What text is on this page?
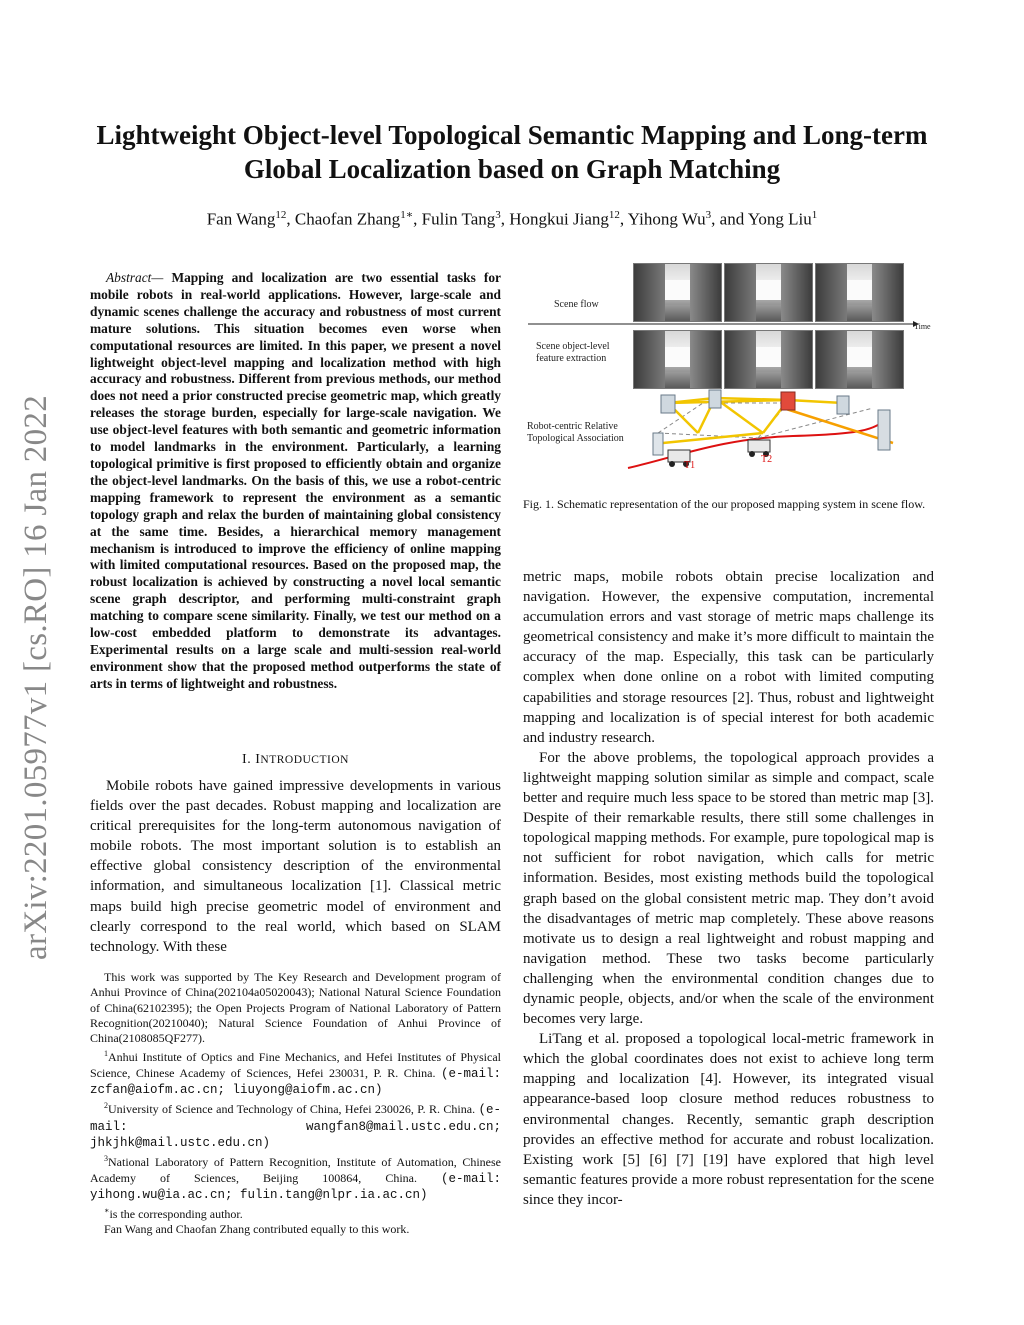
Lightweight Object-level Topological Semantic Mapping and Long-term Global Localization based on Graph Matching
Fan Wang$^{12}$, Chaofan Zhang$^{1∗}$, Fulin Tang$^3$, Hongkui Jiang$^{12}$, Yihong Wu$^3$, and Yong Liu$^1$
arXiv:2201.05977v1 [cs.RO] 16 Jan 2022
Abstract— Mapping and localization are two essential tasks for mobile robots in real-world applications. However, large-scale and dynamic scenes challenge the accuracy and robustness of most current mature solutions. This situation becomes even worse when computational resources are limited. In this paper, we present a novel lightweight object-level mapping and localization method with high accuracy and robustness. Different from previous methods, our method does not need a prior constructed precise geometric map, which greatly releases the storage burden, especially for large-scale navigation. We use object-level features with both semantic and geometric information to model landmarks in the environment. Particularly, a learning topological primitive is first proposed to efficiently obtain and organize the object-level landmarks. On the basis of this, we use a robot-centric mapping framework to represent the environment as a semantic topology graph and relax the burden of maintaining global consistency at the same time. Besides, a hierarchical memory management mechanism is introduced to improve the efficiency of online mapping with limited computational resources. Based on the proposed map, the robust localization is achieved by constructing a novel local semantic scene graph descriptor, and performing multi-constraint graph matching to compare scene similarity. Finally, we test our method on a low-cost embedded platform to demonstrate its advantages. Experimental results on a large scale and multi-session real-world environment show that the proposed method outperforms the state of arts in terms of lightweight and robustness.
I. INTRODUCTION
Mobile robots have gained impressive developments in various fields over the past decades. Robust mapping and localization are critical prerequisites for the long-term autonomous navigation of mobile robots. The most important solution is to establish an effective global consistency description of the environmental information, and simultaneous localization [1]. Classical metric maps build high precise geometric model of environment and clearly correspond to the real world, which based on SLAM technology. With these

This work was supported by The Key Research and Development program of Anhui Province of China(202104a05020043); National Natural Science Foundation of China(62102395); the Open Projects Program of National Laboratory of Pattern Recognition(20210040); Natural Science Foundation of Anhui Province of China(2108085QF277).

$^1$Anhui Institute of Optics and Fine Mechanics, and Hefei Institutes of Physical Science, Chinese Academy of Sciences, Hefei 230031, P. R. China. (e-mail: zcfan@aiofm.ac.cn; liuyong@aiofm.ac.cn)

$^2$University of Science and Technology of China, Hefei 230026, P. R. China. (e-mail: wangfan8@mail.ustc.edu.cn; jhkjhk@mail.ustc.edu.cn)

$^3$National Laboratory of Pattern Recognition, Institute of Automation, Chinese Academy of Sciences, Beijing 100864, China. (e-mail: yihong.wu@ia.ac.cn; fulin.tang@nlpr.ia.ac.cn)

∗is the corresponding author.

Fan Wang and Chaofan Zhang contributed equally to this work.

Scene flow
Time
Scene object-level
feature extraction
Robot-centric Relative
Topological Association
T1
T2
Fig. 1. Schematic representation of the our proposed mapping system in scene flow.

metric maps, mobile robots obtain precise localization and navigation. However, the expensive computation, incremental accumulation errors and vast storage of metric maps challenge its geometrical consistency and make it’s more difficult to maintain the accuracy of the map. Especially, this task can be particularly complex when done online on a robot with limited computing capabilities and storage resources [2]. Thus, robust and lightweight mapping and localization is of special interest for both academic and industry research.

For the above problems, the topological approach provides a lightweight mapping solution similar as simple and compact, scale better and require much less space to be stored than metric map [3]. Despite of their remarkable results, there still some challenges in topological mapping methods. For example, pure topological map is not sufficient for robot navigation, which calls for metric information. Besides, most existing methods build the topological graph based on the global consistent metric map. They don’t avoid the disadvantages of metric map completely. These above reasons motivate us to design a real lightweight and robust mapping and navigation method. These two tasks become particularly challenging when the environmental condition changes due to dynamic people, objects, and/or when the scale of the environment becomes very large.

LiTang et al. proposed a topological local-metric framework in which the global coordinates does not exist to achieve long term mapping and localization [4]. However, its integrated visual appearance-based loop closure method reduces robustness to environmental changes. Recently, semantic graph description provides an effective method for accurate and robust localization. Existing work [5] [6] [7] [19] have explored that high level semantic features provide a more robust representation for the scene since they incor-
